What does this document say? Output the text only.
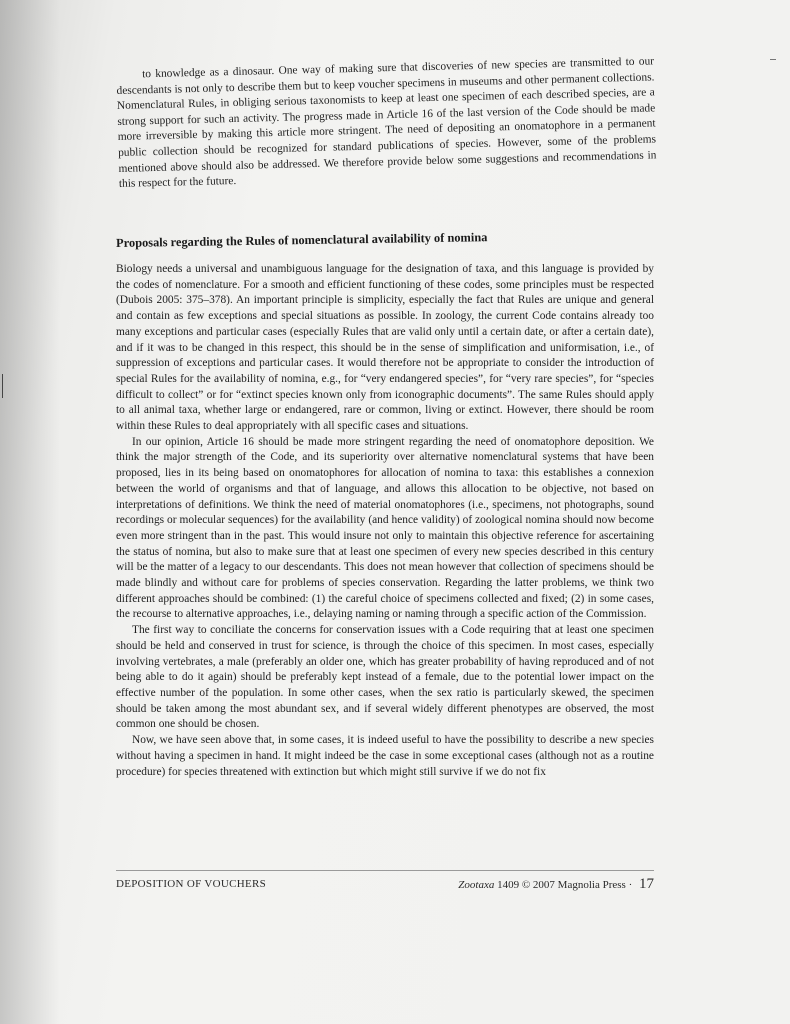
to knowledge as a dinosaur. One way of making sure that discoveries of new species are transmitted to our descendants is not only to describe them but to keep voucher specimens in museums and other permanent collections. Nomenclatural Rules, in obliging serious taxonomists to keep at least one specimen of each described species, are a strong support for such an activity. The progress made in Article 16 of the last version of the Code should be made more irreversible by making this article more stringent. The need of depositing an onomatophore in a permanent public collection should be recognized for standard publications of species. However, some of the problems mentioned above should also be addressed. We therefore provide below some suggestions and recommendations in this respect for the future.

Proposals regarding the Rules of nomenclatural availability of nomina

Biology needs a universal and unambiguous language for the designation of taxa, and this language is provided by the codes of nomenclature. For a smooth and efficient functioning of these codes, some principles must be respected (Dubois 2005: 375–378). An important principle is simplicity, especially the fact that Rules are unique and general and contain as few exceptions and special situations as possible. In zoology, the current Code contains already too many exceptions and particular cases (especially Rules that are valid only until a certain date, or after a certain date), and if it was to be changed in this respect, this should be in the sense of simplification and uniformisation, i.e., of suppression of exceptions and particular cases. It would therefore not be appropriate to consider the introduction of special Rules for the availability of nomina, e.g., for “very endangered species”, for “very rare species”, for “species difficult to collect” or for “extinct species known only from iconographic documents”. The same Rules should apply to all animal taxa, whether large or endangered, rare or common, living or extinct. However, there should be room within these Rules to deal appropriately with all specific cases and situations.

In our opinion, Article 16 should be made more stringent regarding the need of onomatophore deposition. We think the major strength of the Code, and its superiority over alternative nomenclatural systems that have been proposed, lies in its being based on onomatophores for allocation of nomina to taxa: this establishes a connexion between the world of organisms and that of language, and allows this allocation to be objective, not based on interpretations of definitions. We think the need of material onomatophores (i.e., specimens, not photographs, sound recordings or molecular sequences) for the availability (and hence validity) of zoological nomina should now become even more stringent than in the past. This would insure not only to maintain this objective reference for ascertaining the status of nomina, but also to make sure that at least one specimen of every new species described in this century will be the matter of a legacy to our descendants. This does not mean however that collection of specimens should be made blindly and without care for problems of species conservation. Regarding the latter problems, we think two different approaches should be combined: (1) the careful choice of specimens collected and fixed; (2) in some cases, the recourse to alternative approaches, i.e., delaying naming or naming through a specific action of the Commission.

The first way to conciliate the concerns for conservation issues with a Code requiring that at least one specimen should be held and conserved in trust for science, is through the choice of this specimen. In most cases, especially involving vertebrates, a male (preferably an older one, which has greater probability of having reproduced and of not being able to do it again) should be preferably kept instead of a female, due to the potential lower impact on the effective number of the population. In some other cases, when the sex ratio is particularly skewed, the specimen should be taken among the most abundant sex, and if several widely different phenotypes are observed, the most common one should be chosen.

Now, we have seen above that, in some cases, it is indeed useful to have the possibility to describe a new species without having a specimen in hand. It might indeed be the case in some exceptional cases (although not as a routine procedure) for species threatened with extinction but which might still survive if we do not fix

DEPOSITION OF VOUCHERS	Zootaxa 1409 © 2007 Magnolia Press · 17
